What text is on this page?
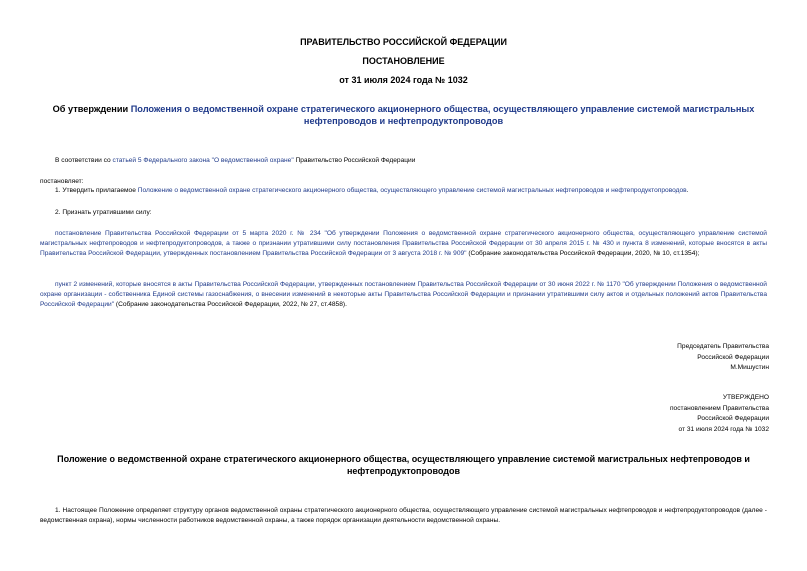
ПРАВИТЕЛЬСТВО РОССИЙСКОЙ ФЕДЕРАЦИИ
ПОСТАНОВЛЕНИЕ
от 31 июля 2024 года № 1032
Об утверждении Положения о ведомственной охране стратегического акционерного общества, осуществляющего управление системой магистральных нефтепроводов и нефтепродуктопроводов
В соответствии со статьей 5 Федерального закона "О ведомственной охране" Правительство Российской Федерации
постановляет:
1. Утвердить прилагаемое Положение о ведомственной охране стратегического акционерного общества, осуществляющего управление системой магистральных нефтепроводов и нефтепродуктопроводов.
2. Признать утратившими силу:
постановление Правительства Российской Федерации от 5 марта 2020 г. № 234 "Об утверждении Положения о ведомственной охране стратегического акционерного общества, осуществляющего управление системой магистральных нефтепроводов и нефтепродуктопроводов, а также о признании утратившими силу постановления Правительства Российской Федерации от 30 апреля 2015 г. № 430 и пункта 8 изменений, которые вносятся в акты Правительства Российской Федерации, утвержденных постановлением Правительства Российской Федерации от 3 августа 2018 г. № 909" (Собрание законодательства Российской Федерации, 2020, № 10, ст.1354);
пункт 2 изменений, которые вносятся в акты Правительства Российской Федерации, утвержденных постановлением Правительства Российской Федерации от 30 июня 2022 г. № 1170 "Об утверждении Положения о ведомственной охране организации - собственника Единой системы газоснабжения, о внесении изменений в некоторые акты Правительства Российской Федерации и признании утратившими силу актов и отдельных положений актов Правительства Российской Федерации" (Собрание законодательства Российской Федерации, 2022, № 27, ст.4858).
Председатель Правительства
Российской Федерации
М.Мишустин
УТВЕРЖДЕНО
постановлением Правительства
Российской Федерации
от 31 июля 2024 года № 1032
Положение о ведомственной охране стратегического акционерного общества, осуществляющего управление системой магистральных нефтепроводов и нефтепродуктопроводов
1. Настоящее Положение определяет структуру органов ведомственной охраны стратегического акционерного общества, осуществляющего управление системой магистральных нефтепроводов и нефтепродуктопроводов (далее - ведомственная охрана), нормы численности работников ведомственной охраны, а также порядок организации деятельности ведомственной охраны.
